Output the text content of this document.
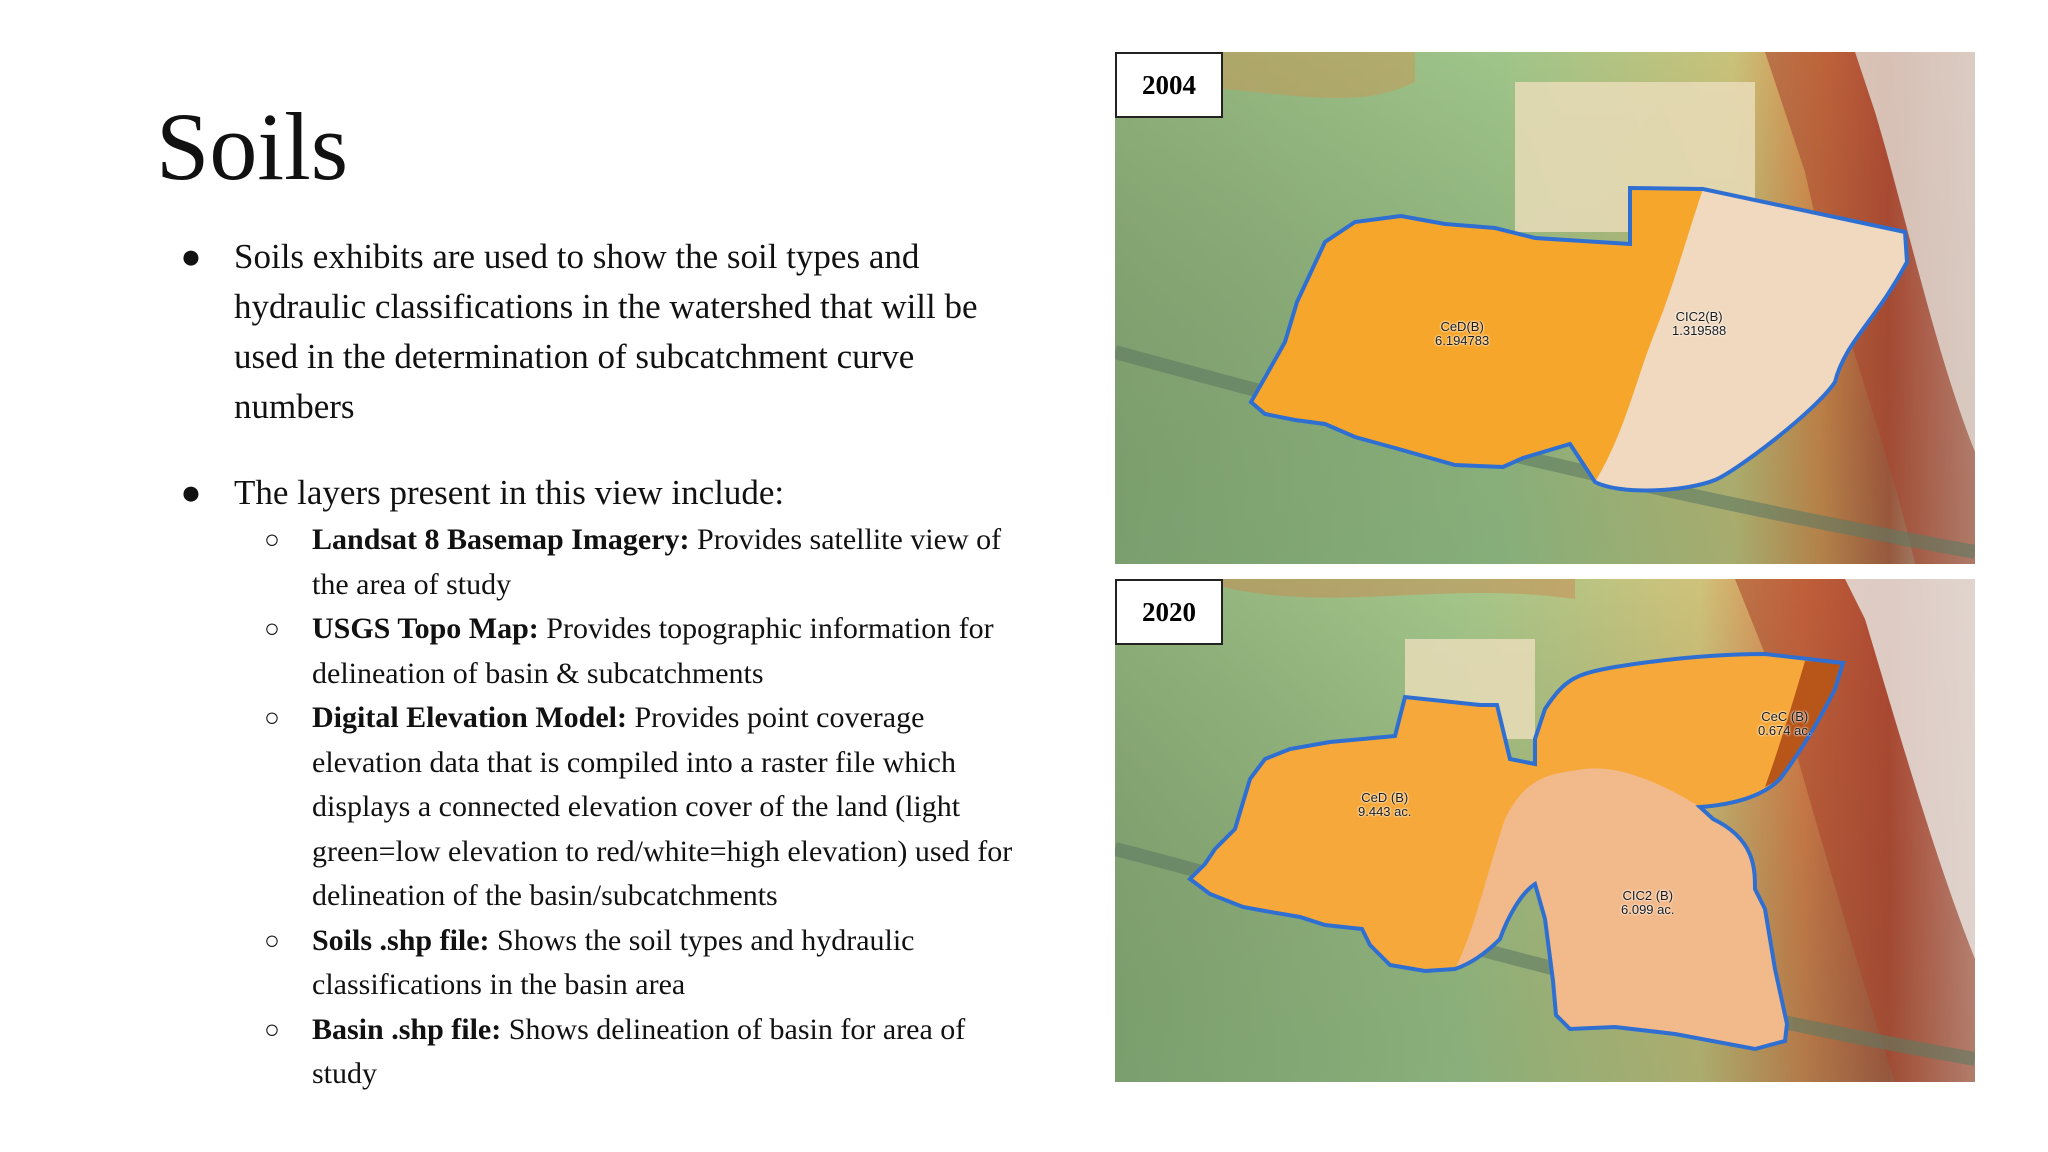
Soils

● Soils exhibits are used to show the soil types and hydraulic classifications in the watershed that will be used in the determination of subcatchment curve numbers

● The layers present in this view include:

○ Landsat 8 Basemap Imagery: Provides satellite view of the area of study
○ USGS Topo Map: Provides topographic information for delineation of basin & subcatchments
○ Digital Elevation Model: Provides point coverage elevation data that is compiled into a raster file which displays a connected elevation cover of the land (light green=low elevation to red/white=high elevation) used for delineation of the basin/subcatchments
○ Soils .shp file: Shows the soil types and hydraulic classifications in the basin area
○ Basin .shp file: Shows delineation of basin for area of study
2004
CeD(B)
6.194783
CIC2(B)
1.319588
2020
CeD (B)
9.443 ac.
CIC2 (B)
6.099 ac.
CeC (B)
0.674 ac.
